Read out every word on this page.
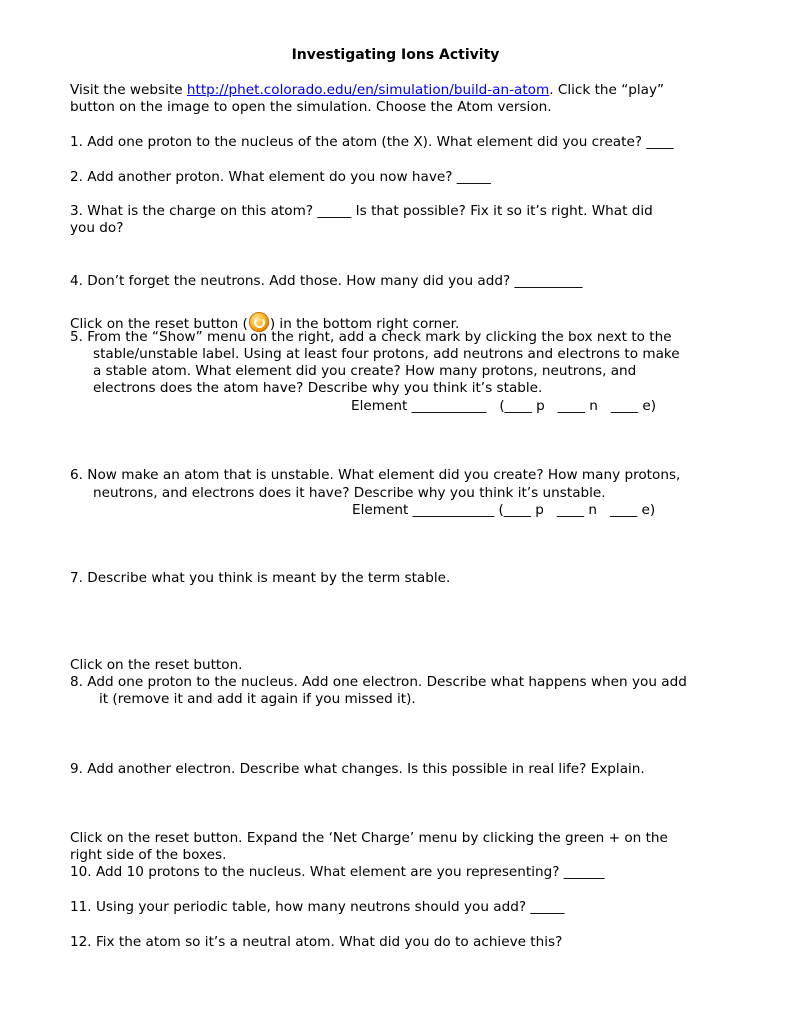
Investigating Ions Activity
Visit the website http://phet.colorado.edu/en/simulation/build-an-atom. Click the “play”
button on the image to open the simulation. Choose the Atom version.
1. Add one proton to the nucleus of the atom (the X). What element did you create? ____
2. Add another proton. What element do you now have? _____
3. What is the charge on this atom? _____ Is that possible? Fix it so it’s right. What did
you do?
4. Don’t forget the neutrons. Add those. How many did you add? __________
Click on the reset button ( ) in the bottom right corner.
5. From the “Show” menu on the right, add a check mark by clicking the box next to the
stable/unstable label. Using at least four protons, add neutrons and electrons to make
a stable atom. What element did you create? How many protons, neutrons, and
electrons does the atom have? Describe why you think it’s stable.
Element ___________   (____ p   ____ n   ____ e)
6. Now make an atom that is unstable. What element did you create? How many protons,
neutrons, and electrons does it have? Describe why you think it’s unstable.
Element ____________ (____ p   ____ n   ____ e)
7. Describe what you think is meant by the term stable.
Click on the reset button.
8. Add one proton to the nucleus. Add one electron. Describe what happens when you add
it (remove it and add it again if you missed it).
9. Add another electron. Describe what changes. Is this possible in real life? Explain.
Click on the reset button. Expand the ‘Net Charge’ menu by clicking the green + on the
right side of the boxes.
10. Add 10 protons to the nucleus. What element are you representing? ______
11. Using your periodic table, how many neutrons should you add? _____
12. Fix the atom so it’s a neutral atom. What did you do to achieve this?
